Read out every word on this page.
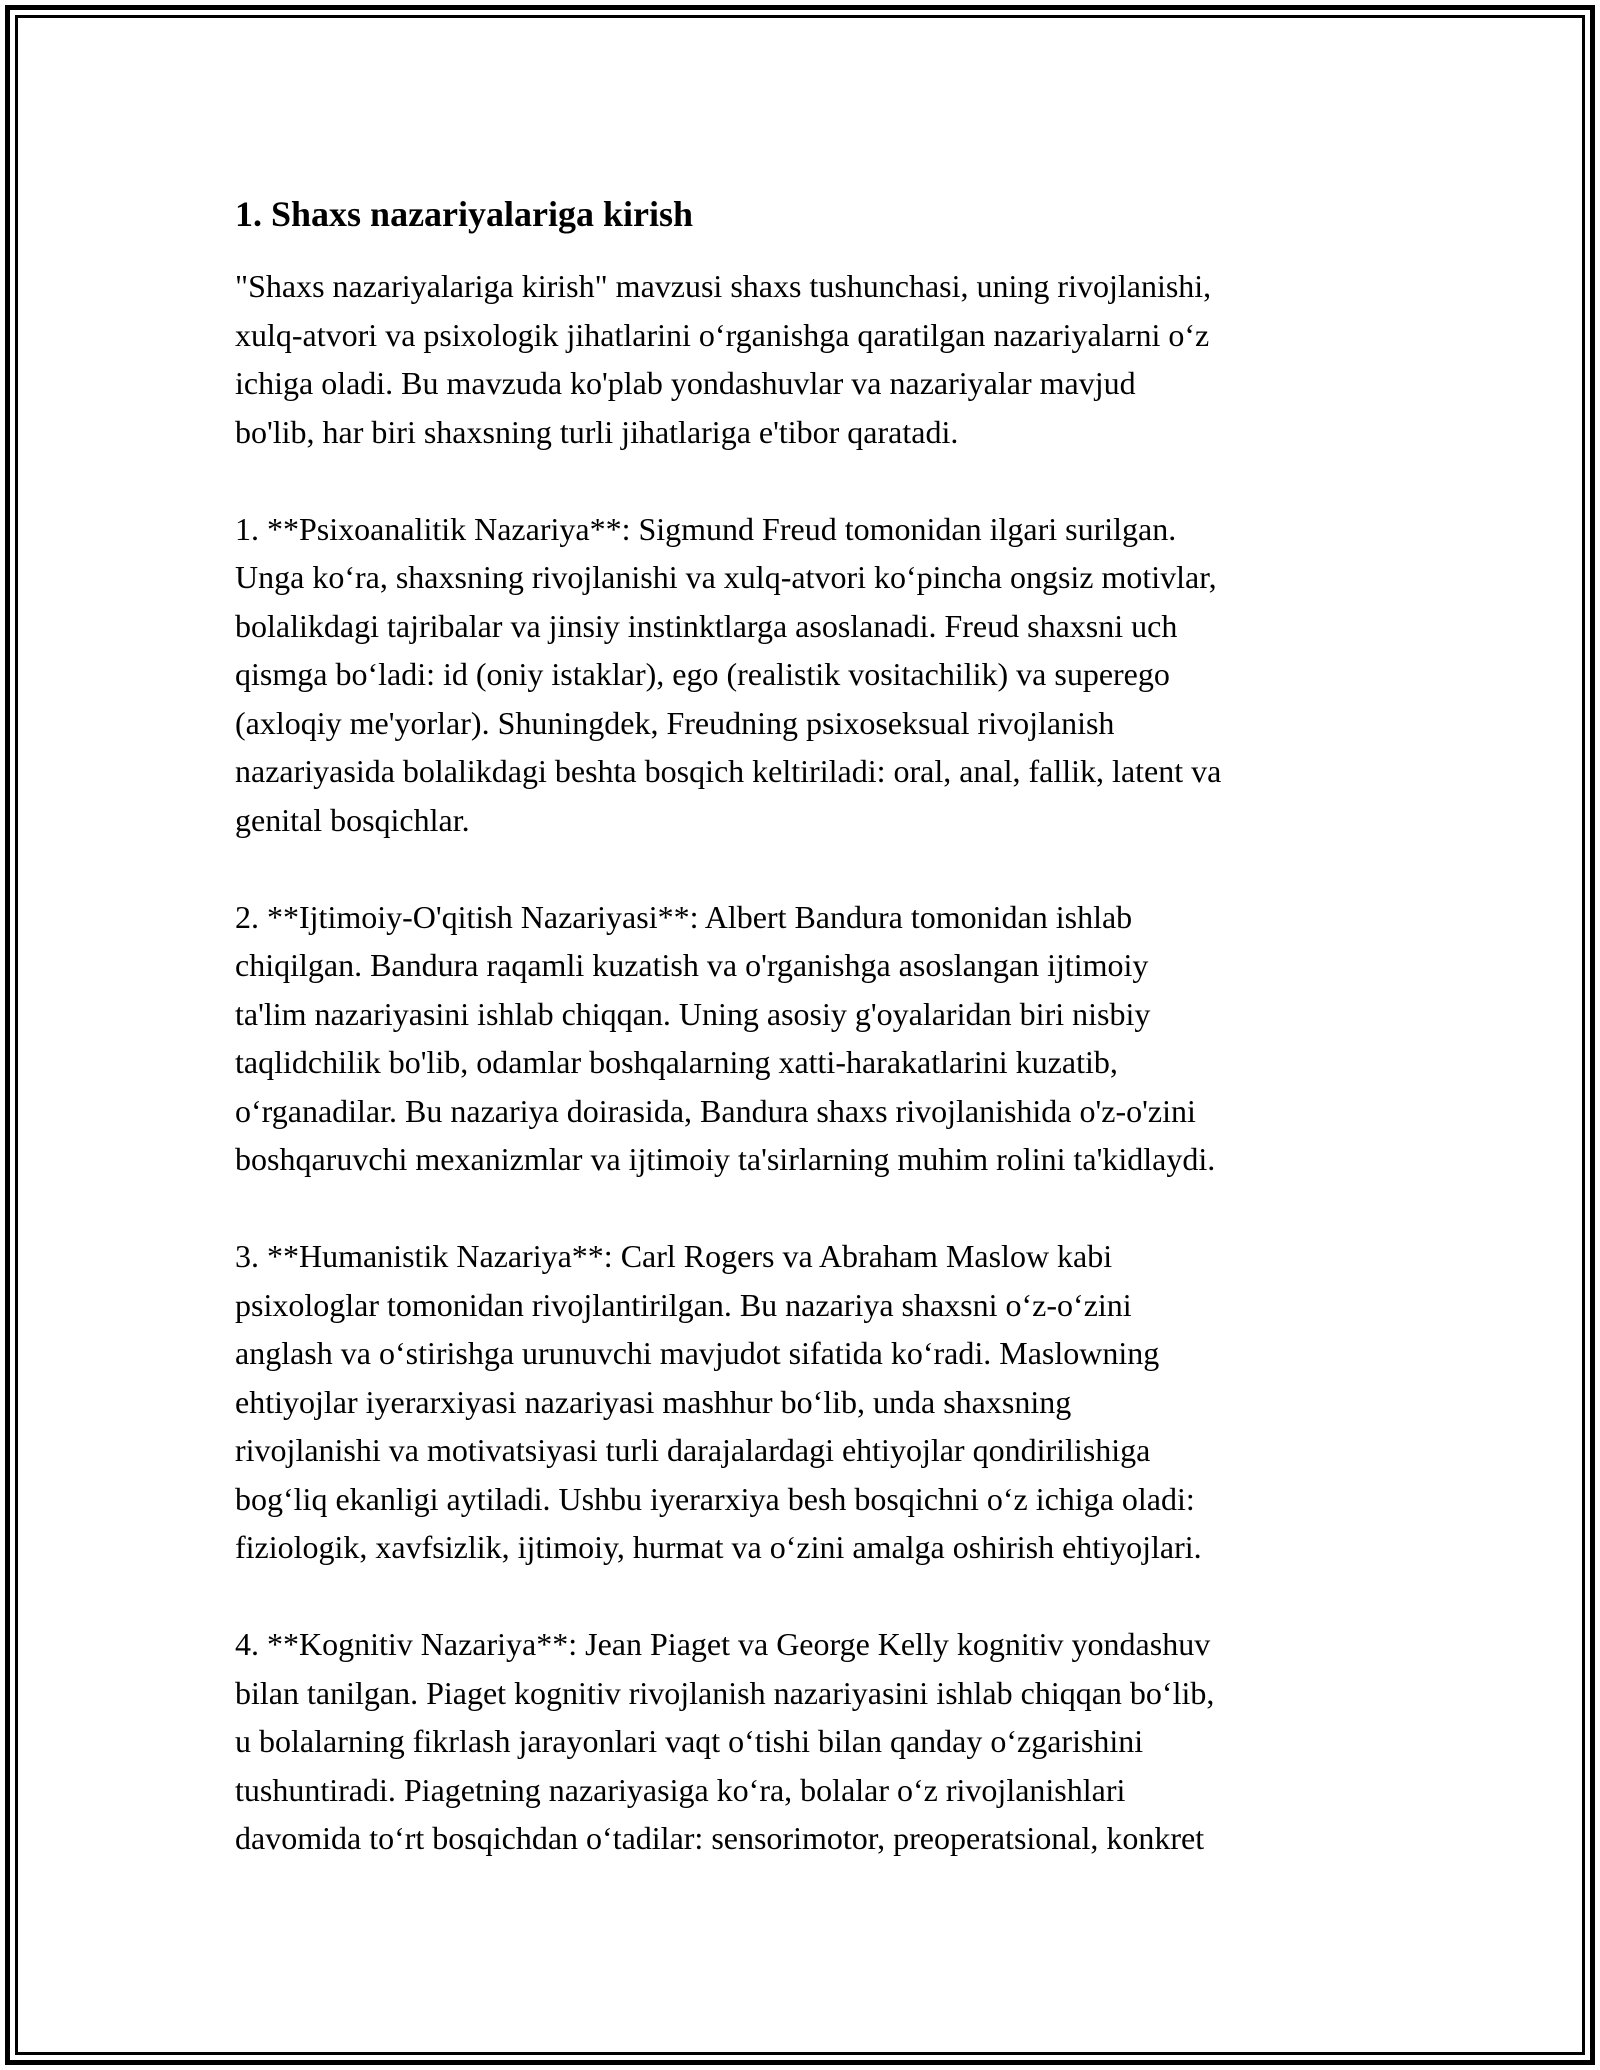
1. Shaxs nazariyalariga kirish

"Shaxs nazariyalariga kirish" mavzusi shaxs tushunchasi, uning rivojlanishi,
xulq-atvori va psixologik jihatlarini o‘rganishga qaratilgan nazariyalarni o‘z
ichiga oladi. Bu mavzuda ko'plab yondashuvlar va nazariyalar mavjud
bo'lib, har biri shaxsning turli jihatlariga e'tibor qaratadi.

1. **Psixoanalitik Nazariya**: Sigmund Freud tomonidan ilgari surilgan.
Unga ko‘ra, shaxsning rivojlanishi va xulq-atvori ko‘pincha ongsiz motivlar,
bolalikdagi tajribalar va jinsiy instinktlarga asoslanadi. Freud shaxsni uch
qismga bo‘ladi: id (oniy istaklar), ego (realistik vositachilik) va superego
(axloqiy me'yorlar). Shuningdek, Freudning psixoseksual rivojlanish
nazariyasida bolalikdagi beshta bosqich keltiriladi: oral, anal, fallik, latent va
genital bosqichlar.

2. **Ijtimoiy-O'qitish Nazariyasi**: Albert Bandura tomonidan ishlab
chiqilgan. Bandura raqamli kuzatish va o'rganishga asoslangan ijtimoiy
ta'lim nazariyasini ishlab chiqqan. Uning asosiy g'oyalaridan biri nisbiy
taqlidchilik bo'lib, odamlar boshqalarning xatti-harakatlarini kuzatib,
o‘rganadilar. Bu nazariya doirasida, Bandura shaxs rivojlanishida o'z-o'zini
boshqaruvchi mexanizmlar va ijtimoiy ta'sirlarning muhim rolini ta'kidlaydi.

3. **Humanistik Nazariya**: Carl Rogers va Abraham Maslow kabi
psixologlar tomonidan rivojlantirilgan. Bu nazariya shaxsni o‘z-o‘zini
anglash va o‘stirishga urunuvchi mavjudot sifatida ko‘radi. Maslowning
ehtiyojlar iyerarxiyasi nazariyasi mashhur bo‘lib, unda shaxsning
rivojlanishi va motivatsiyasi turli darajalardagi ehtiyojlar qondirilishiga
bog‘liq ekanligi aytiladi. Ushbu iyerarxiya besh bosqichni o‘z ichiga oladi:
fiziologik, xavfsizlik, ijtimoiy, hurmat va o‘zini amalga oshirish ehtiyojlari.

4. **Kognitiv Nazariya**: Jean Piaget va George Kelly kognitiv yondashuv
bilan tanilgan. Piaget kognitiv rivojlanish nazariyasini ishlab chiqqan bo‘lib,
u bolalarning fikrlash jarayonlari vaqt o‘tishi bilan qanday o‘zgarishini
tushuntiradi. Piagetning nazariyasiga ko‘ra, bolalar o‘z rivojlanishlari
davomida to‘rt bosqichdan o‘tadilar: sensorimotor, preoperatsional, konkret
